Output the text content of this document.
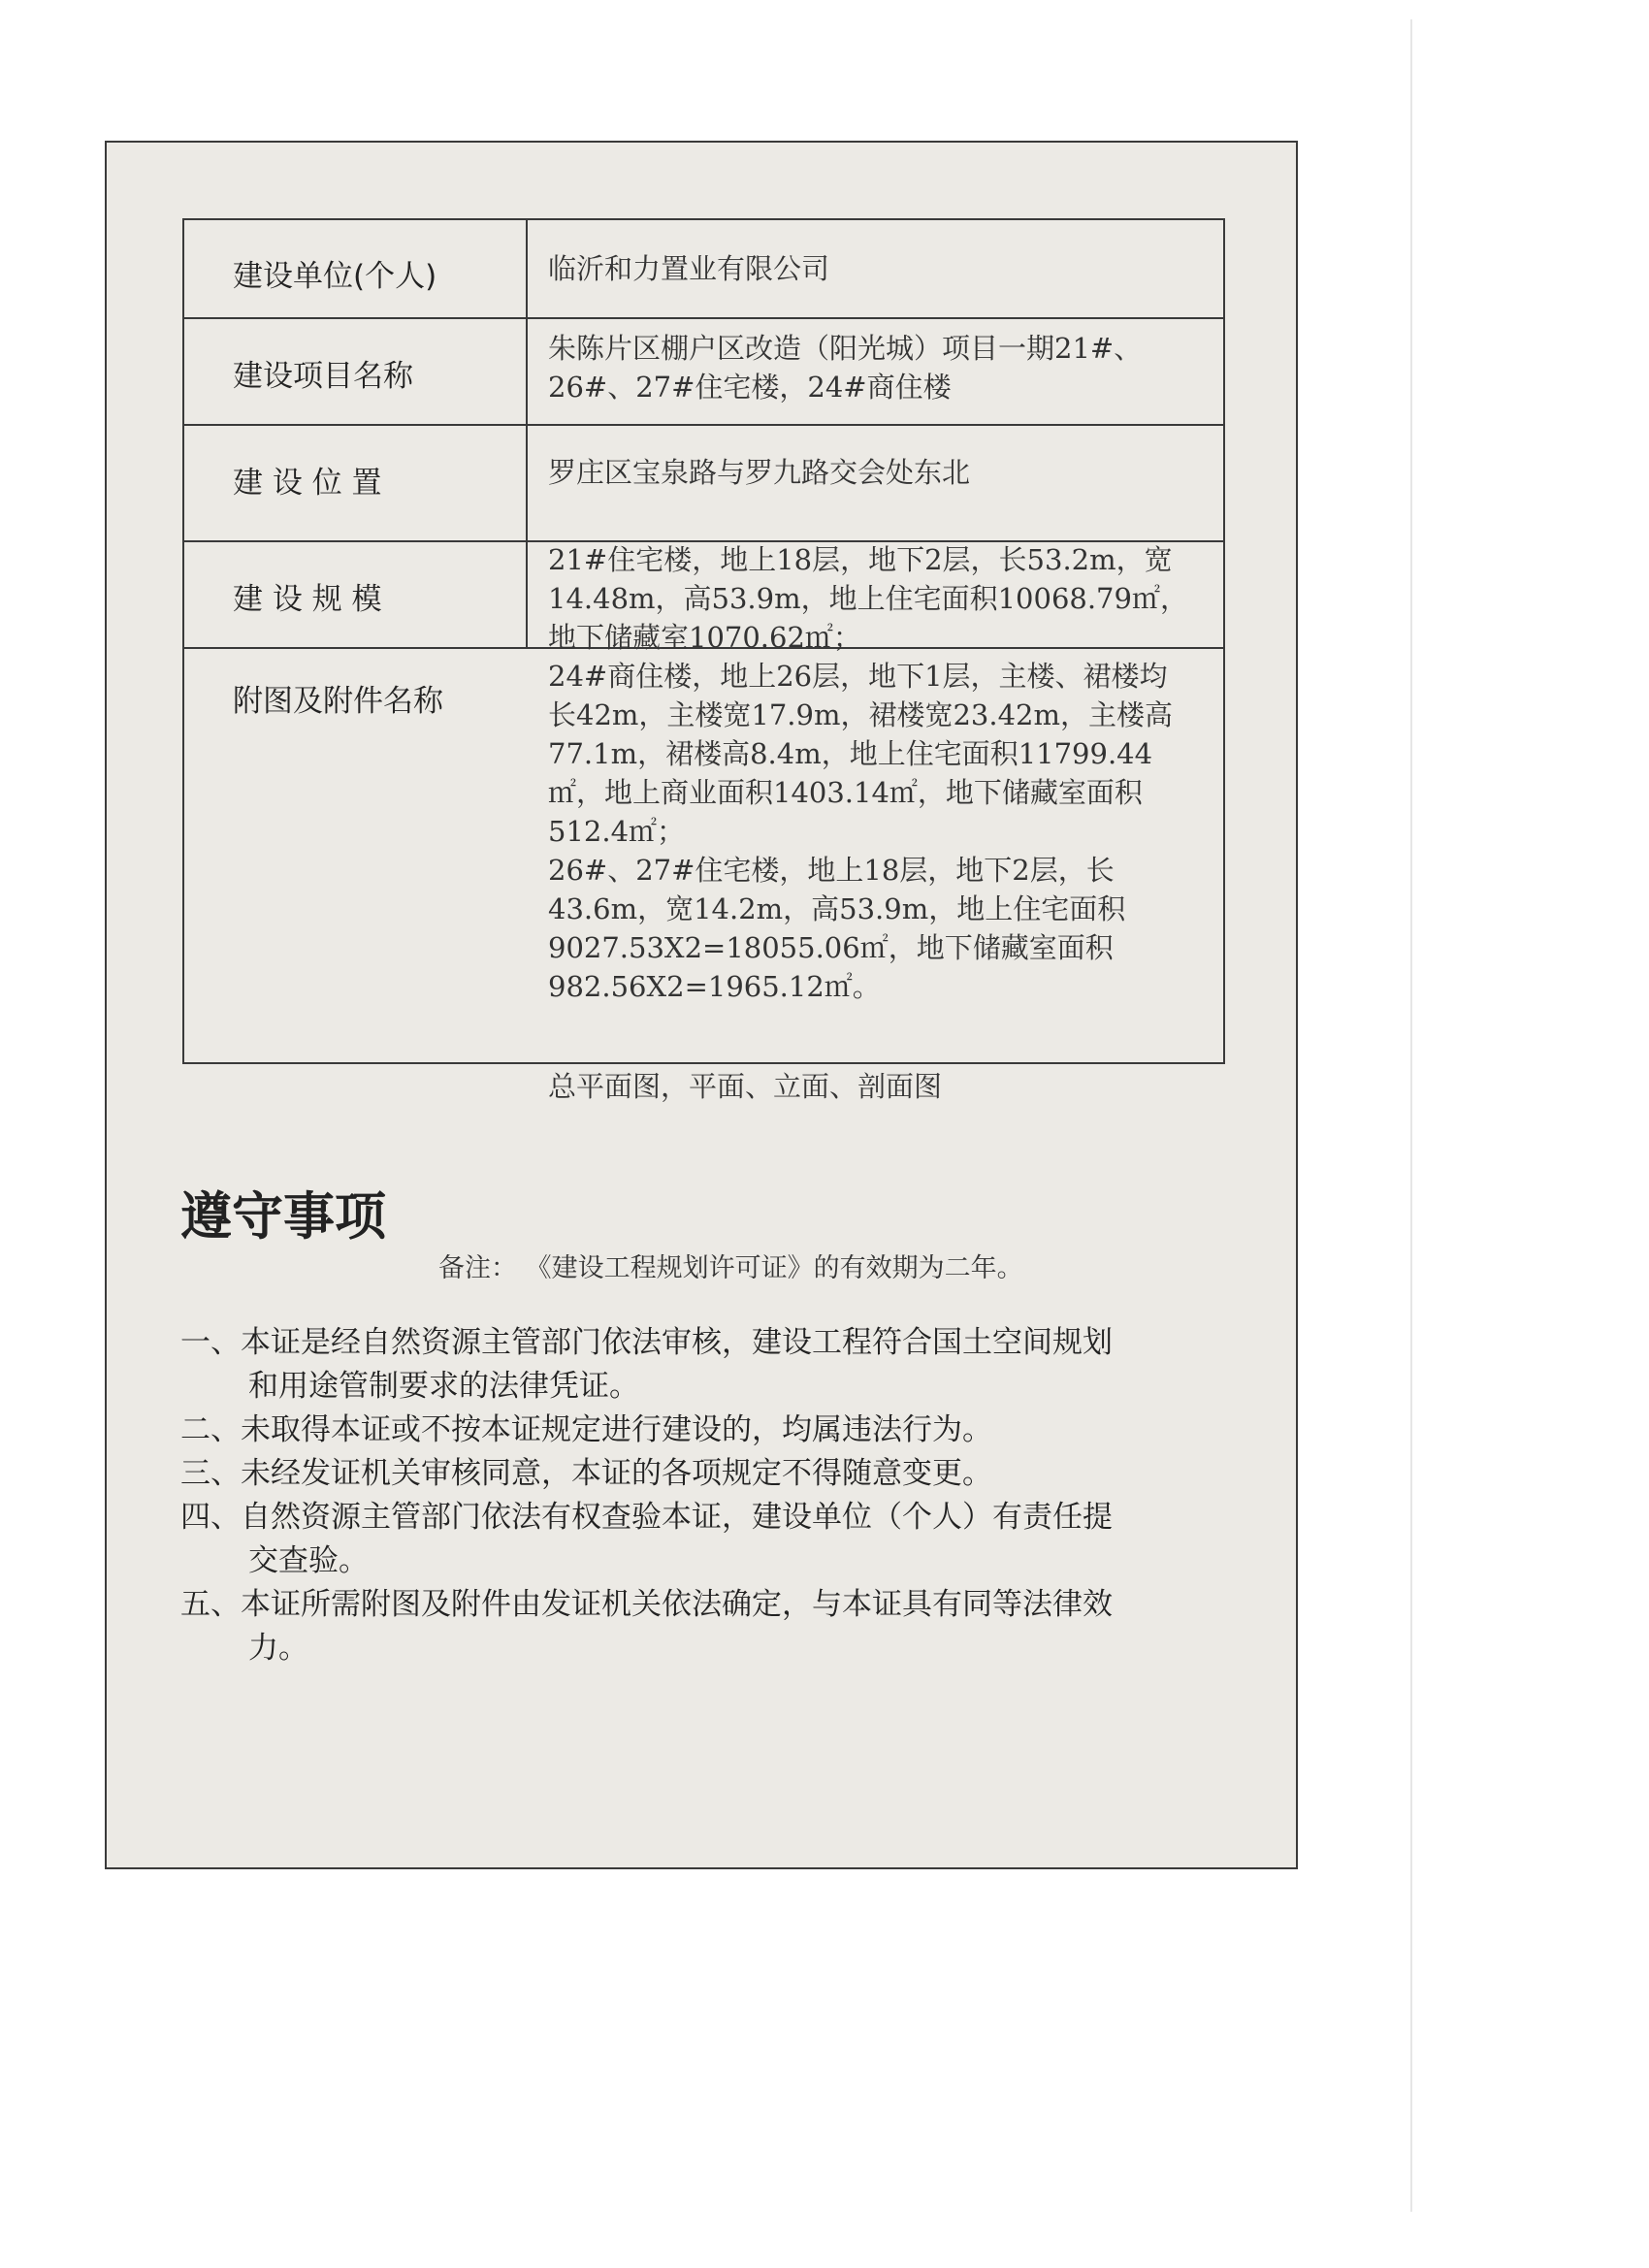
建设单位(个人)	临沂和力置业有限公司
建设项目名称
朱陈片区棚户区改造（阳光城）项目一期21#、
26#、27#住宅楼，24#商住楼
建 设 位 置	罗庄区宝泉路与罗九路交会处东北
建 设 规 模
附图及附件名称
21#住宅楼，地上18层，地下2层，长53.2m，宽
14.48m，高53.9m，地上住宅面积10068.79㎡，
地下储藏室1070.62㎡；
24#商住楼，地上26层，地下1层，主楼、裙楼均
长42m，主楼宽17.9m，裙楼宽23.42m，主楼高
77.1m，裙楼高8.4m，地上住宅面积11799.44
㎡，地上商业面积1403.14㎡，地下储藏室面积
512.4㎡；
26#、27#住宅楼，地上18层，地下2层，长
43.6m，宽14.2m，高53.9m，地上住宅面积
9027.53X2=18055.06㎡，地下储藏室面积
982.56X2=1965.12㎡。
总平面图，平面、立面、剖面图
遵守事项
备注： 《建设工程规划许可证》的有效期为二年。
一、本证是经自然资源主管部门依法审核，建设工程符合国土空间规划
和用途管制要求的法律凭证。
二、未取得本证或不按本证规定进行建设的，均属违法行为。
三、未经发证机关审核同意，本证的各项规定不得随意变更。
四、自然资源主管部门依法有权查验本证，建设单位（个人）有责任提
交查验。
五、本证所需附图及附件由发证机关依法确定，与本证具有同等法律效
力。
